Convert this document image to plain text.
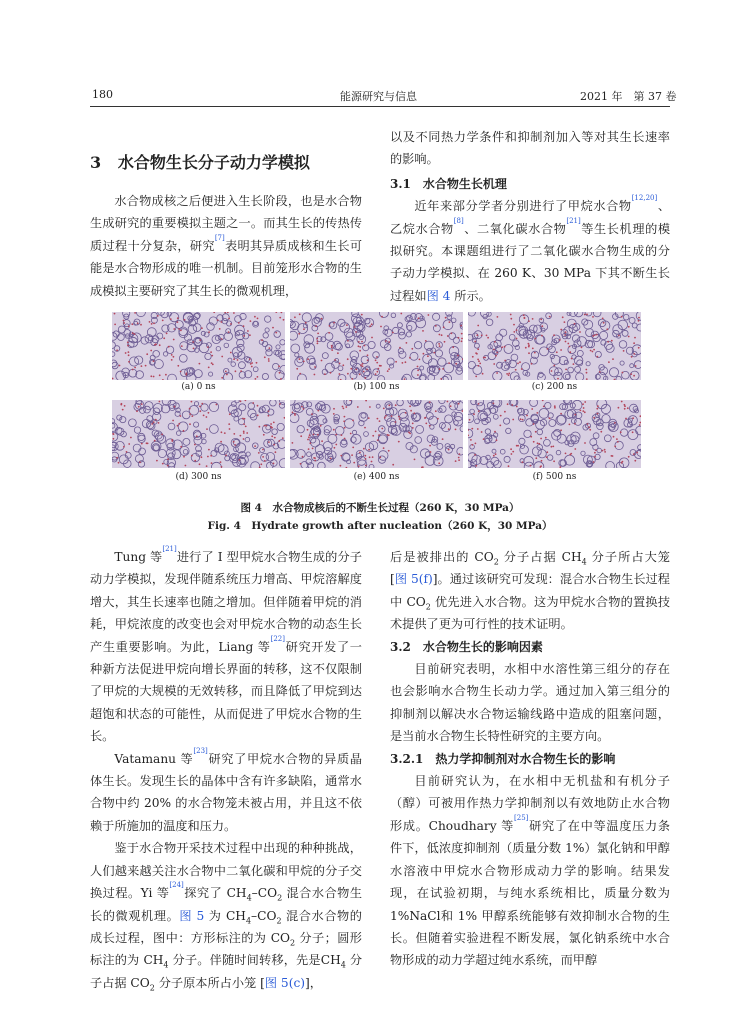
180	能源研究与信息	2021 年　第 37 卷
3 水合物生长分子动力学模拟

水合物成核之后便进入生长阶段，也是水合物生成研究的重要模拟主题之一。而其生长的传热传质过程十分复杂，研究[7]表明其异质成核和生长可能是水合物形成的唯一机制。目前笼形水合物的生成模拟主要研究了其生长的微观机理，

以及不同热力学条件和抑制剂加入等对其生长速率的影响。

3.1　水合物生长机理

近年来部分学者分别进行了甲烷水合物[12,20]、乙烷水合物[8]、二氧化碳水合物[21]等生长机理的模拟研究。本课题组进行了二氧化碳水合物生成的分子动力学模拟、在 260 K、30 MPa 下其不断生长过程如图 4 所示。

(a) 0 ns	(b) 100 ns	(c) 200 ns
(d) 300 ns	(e) 400 ns	(f) 500 ns
图 4　水合物成核后的不断生长过程（260 K，30 MPa）
Fig. 4　Hydrate growth after nucleation（260 K，30 MPa）

Tung 等[21]进行了 I 型甲烷水合物生成的分子动力学模拟，发现伴随系统压力增高、甲烷溶解度增大，其生长速率也随之增加。但伴随着甲烷的消耗，甲烷浓度的改变也会对甲烷水合物的动态生长产生重要影响。为此，Liang 等[22]研究开发了一种新方法促进甲烷向增长界面的转移，这不仅限制了甲烷的大规模的无效转移，而且降低了甲烷到达超饱和状态的可能性，从而促进了甲烷水合物的生长。

Vatamanu 等[23]研究了甲烷水合物的异质晶体生长。发现生长的晶体中含有许多缺陷，通常水合物中约 20% 的水合物笼未被占用，并且这不依赖于所施加的温度和压力。

鉴于水合物开采技术过程中出现的种种挑战，人们越来越关注水合物中二氧化碳和甲烷的分子交换过程。Yi 等[24]探究了 $CH_4-CO_2$ 混合水合物生长的微观机理。图 5 为 $CH_4-CO_2$ 混合水合物的成长过程，图中：方形标注的为 $CO_2$ 分子；圆形标注的为 $CH_4$ 分子。伴随时间转移，先是$CH_4$ 分子占据 $CO_2$ 分子原本所占小笼 [图 5(c)]，

后是被排出的 $CO_2$ 分子占据 $CH_4$ 分子所占大笼 [图 5(f)]。通过该研究可发现：混合水合物生长过程中 $CO_2$ 优先进入水合物。这为甲烷水合物的置换技术提供了更为可行性的技术证明。

3.2　水合物生长的影响因素

目前研究表明，水相中水溶性第三组分的存在也会影响水合物生长动力学。通过加入第三组分的抑制剂以解决水合物运输线路中造成的阻塞问题，是当前水合物生长特性研究的主要方向。

3.2.1　热力学抑制剂对水合物生长的影响

目前研究认为，在水相中无机盐和有机分子（醇）可被用作热力学抑制剂以有效地防止水合物形成。Choudhary 等[25]研究了在中等温度压力条件下，低浓度抑制剂（质量分数 1%）氯化钠和甲醇水溶液中甲烷水合物形成动力学的影响。结果发现，在试验初期，与纯水系统相比，质量分数为 1%NaCl和 1% 甲醇系统能够有效抑制水合物的生长。但随着实验进程不断发展，氯化钠系统中水合物形成的动力学超过纯水系统，而甲醇
